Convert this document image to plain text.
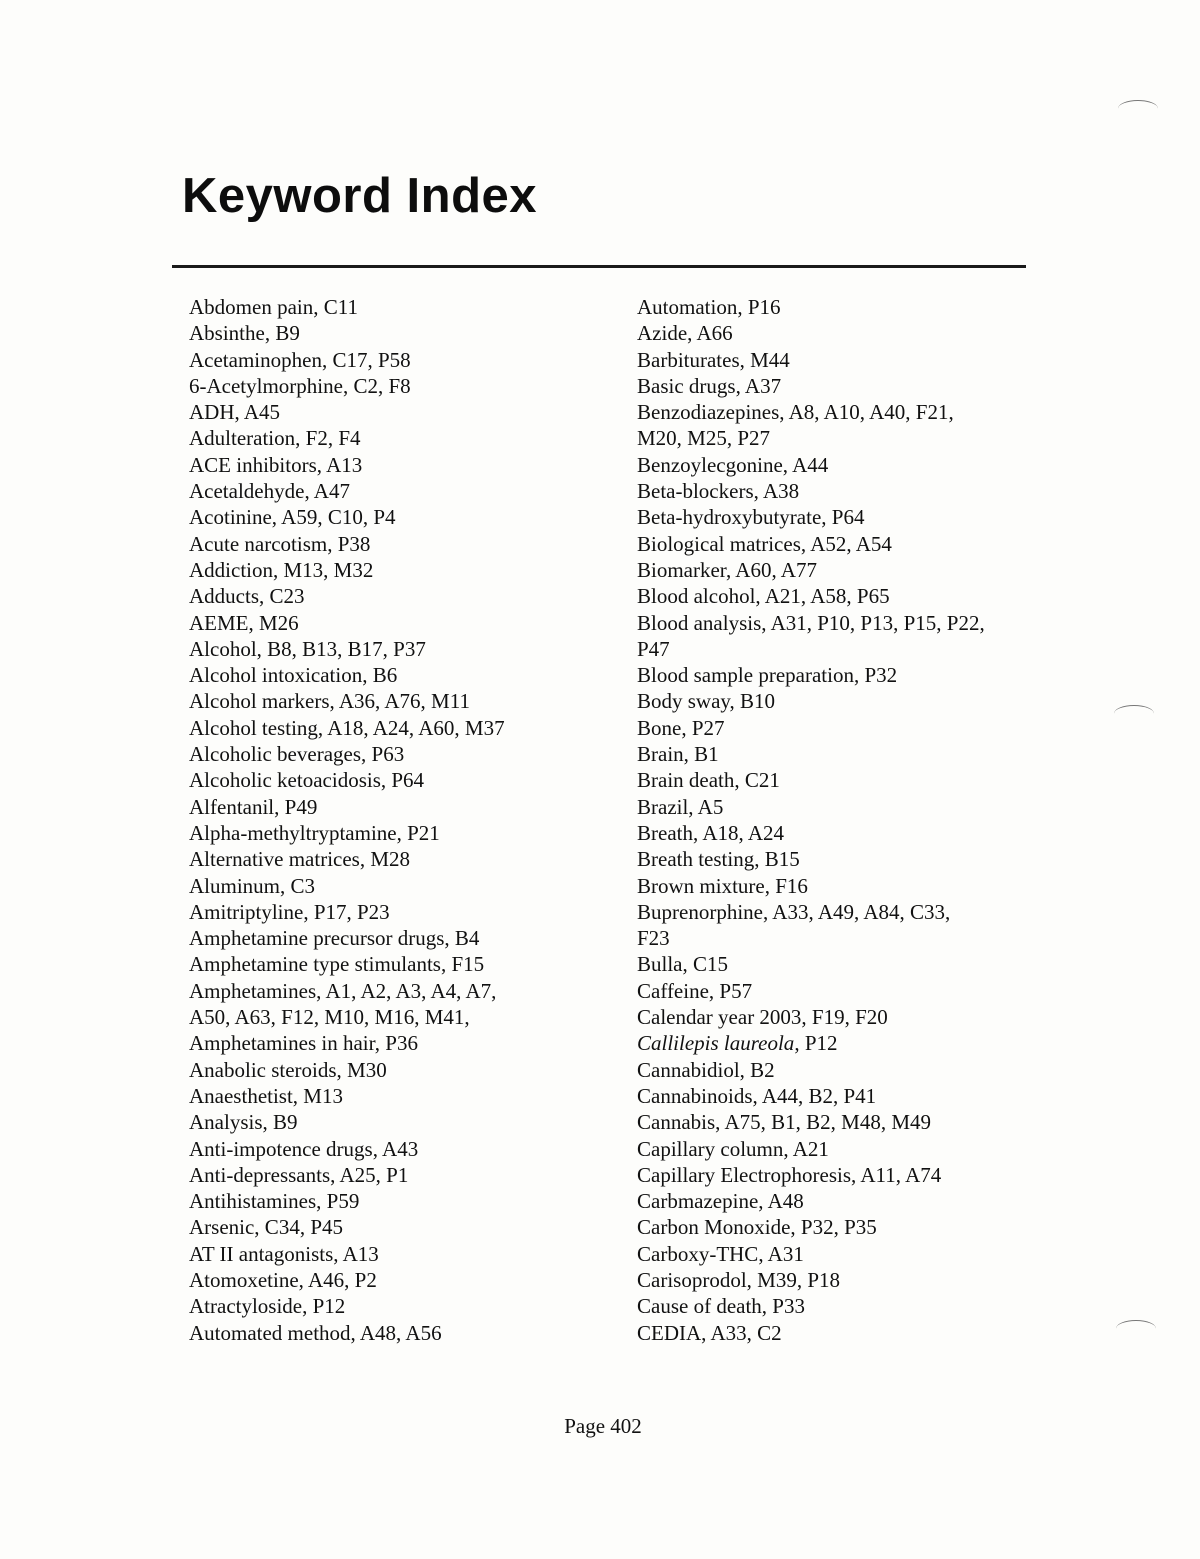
Keyword Index
Abdomen pain, C11
Absinthe, B9
Acetaminophen, C17, P58
6-Acetylmorphine, C2, F8
ADH, A45
Adulteration, F2, F4
ACE inhibitors, A13
Acetaldehyde, A47
Acotinine, A59, C10, P4
Acute narcotism, P38
Addiction, M13, M32
Adducts, C23
AEME, M26
Alcohol, B8, B13, B17, P37
Alcohol intoxication, B6
Alcohol markers, A36, A76, M11
Alcohol testing, A18, A24, A60, M37
Alcoholic beverages, P63
Alcoholic ketoacidosis, P64
Alfentanil, P49
Alpha-methyltryptamine, P21
Alternative matrices, M28
Aluminum, C3
Amitriptyline, P17, P23
Amphetamine precursor drugs, B4
Amphetamine type stimulants, F15
Amphetamines, A1, A2, A3, A4, A7,
A50, A63, F12, M10, M16, M41,
Amphetamines in hair, P36
Anabolic steroids, M30
Anaesthetist, M13
Analysis, B9
Anti-impotence drugs, A43
Anti-depressants, A25, P1
Antihistamines, P59
Arsenic, C34, P45
AT II antagonists, A13
Atomoxetine, A46, P2
Atractyloside, P12
Automated method, A48, A56
Automation, P16
Azide, A66
Barbiturates, M44
Basic drugs, A37
Benzodiazepines, A8, A10, A40, F21,
M20, M25, P27
Benzoylecgonine, A44
Beta-blockers, A38
Beta-hydroxybutyrate, P64
Biological matrices, A52, A54
Biomarker, A60, A77
Blood alcohol, A21, A58, P65
Blood analysis, A31, P10, P13, P15, P22,
P47
Blood sample preparation, P32
Body sway, B10
Bone, P27
Brain, B1
Brain death, C21
Brazil, A5
Breath, A18, A24
Breath testing, B15
Brown mixture, F16
Buprenorphine, A33, A49, A84, C33,
F23
Bulla, C15
Caffeine, P57
Calendar year 2003, F19, F20
Callilepis laureola, P12
Cannabidiol, B2
Cannabinoids, A44, B2, P41
Cannabis, A75, B1, B2, M48, M49
Capillary column, A21
Capillary Electrophoresis, A11, A74
Carbmazepine, A48
Carbon Monoxide, P32, P35
Carboxy-THC, A31
Carisoprodol, M39, P18
Cause of death, P33
CEDIA, A33, C2
Page 402
